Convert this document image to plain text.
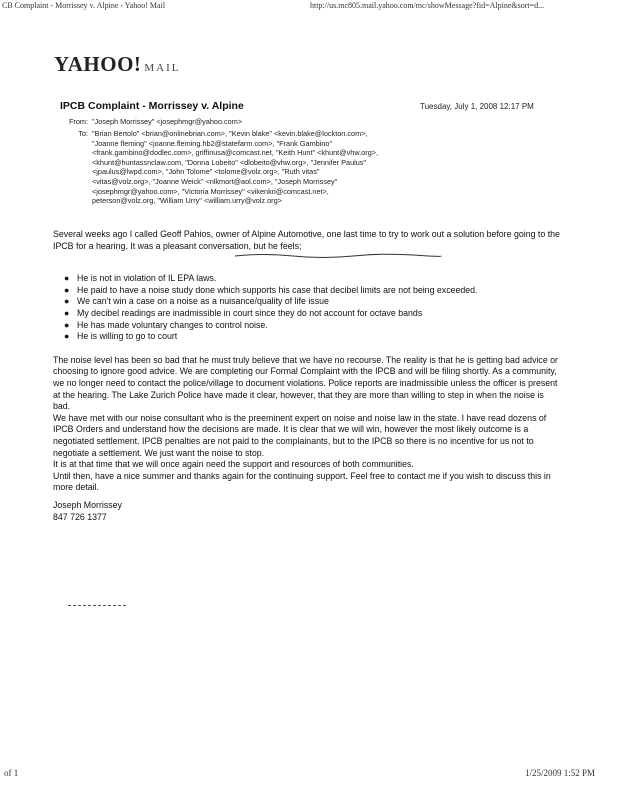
CB Complaint - Morrissey v. Alpine - Yahoo! Mail	http://us.mc805.mail.yahoo.com/mc/showMessage?fid=Alpine&sort=d...
YAHOO! MAIL
IPCB Complaint - Morrissey v. Alpine	Tuesday, July 1, 2008 12:17 PM
From: "Joseph Morrissey" <josephmgr@yahoo.com>
To: "Brian Bertolo" <brian@onlinebrian.com>, "Kevin blake" <kevin.blake@lockton.com>,
"Joanne fleming" <joanne.fleming.hb2@statefarm.com>, "Frank Gambino"
<frank.gambino@dodlec.com>, griffinusa@comcast.net, "Keith Hunt" <khunt@vhw.org>,
<khunt@huntassnclaw.com, "Donna Lobeito" <dlobeito@vhw.org>, "Jennifer Paulus"
<jpaulus@lwpd.com>, "John Tolome" <tolome@volz.org>, "Ruth vitas"
<vitas@volz.org>, "Joanne Weick" <nlkmort@aol.com>, "Joseph Morrissey"
<josephmgr@yahoo.com>, "Victoria Morrissey" <vikenkri@comcast.net>,
peterson@volz.org, "William Urry" <william.urry@volz.org>

Several weeks ago I called Geoff Pahios, owner of Alpine Automotive, one last time to try to work out a solution before going to the IPCB for a hearing. It was a pleasant conversation, but he feels;

● He is not in violation of IL EPA laws.
● He paid to have a noise study done which supports his case that decibel limits are not being exceeded.
● We can't win a case on a noise as a nuisance/quality of life issue
● My decibel readings are inadmissible in court since they do not account for octave bands
● He has made voluntary changes to control noise.
● He is willing to go to court

The noise level has been so bad that he must truly believe that we have no recourse. The reality is that he is getting bad advice or choosing to ignore good advice. We are completing our Formal Complaint with the IPCB and will be filing shortly. As a community, we no longer need to contact the police/village to document violations. Police reports are inadmissible unless the officer is present at the hearing. The Lake Zurich Police have made it clear, however, that they are more than willing to step in when the noise is bad.

We have met with our noise consultant who is the preeminent expert on noise and noise law in the state. I have read dozens of IPCB Orders and understand how the decisions are made. It is clear that we will win, however the most likely outcome is a negotiated settlement. IPCB penalties are not paid to the complainants, but to the IPCB so there is no incentive for us not to negotiate a settlement. We just want the noise to stop.

It is at that time that we will once again need the support and resources of both communities.

Until then, have a nice summer and thanks again for the continuing support. Feel free to contact me if you wish to discuss this in more detail.

Joseph Morrissey
847 726 1377
of 1	1/25/2009 1:52 PM
